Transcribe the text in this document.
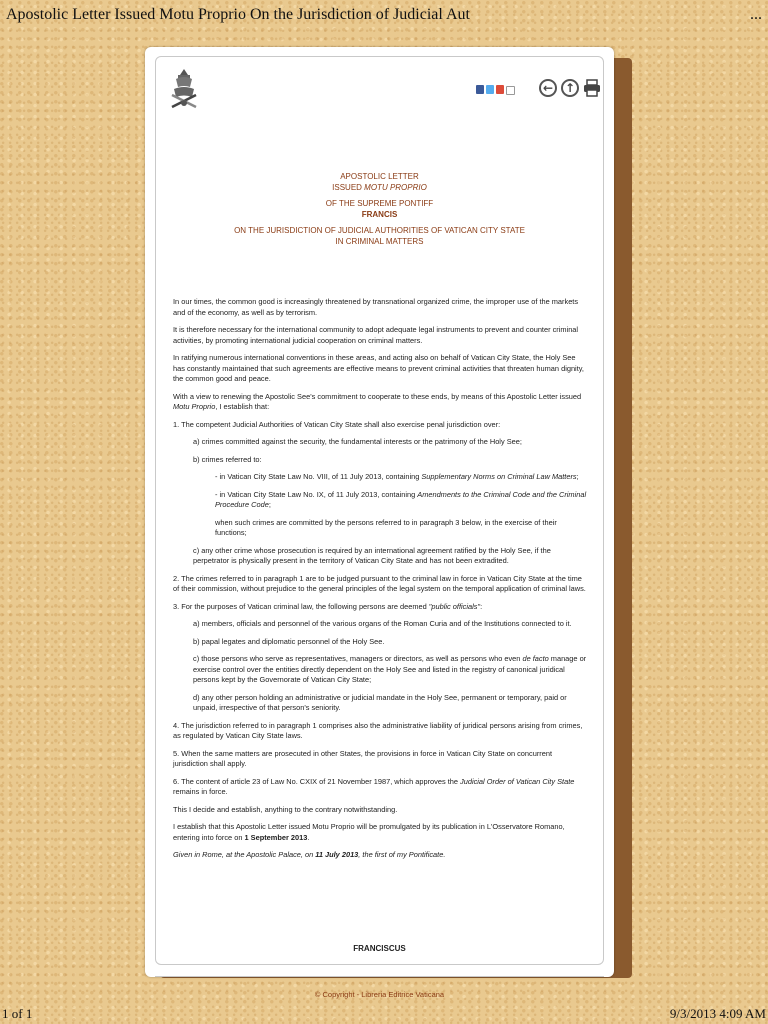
Apostolic Letter Issued Motu Proprio On the Jurisdiction of Judicial Aut	...
← ↑
APOSTOLIC LETTER
ISSUED MOTU PROPRIO
OF THE SUPREME PONTIFF
FRANCIS
ON THE JURISDICTION OF JUDICIAL AUTHORITIES OF VATICAN CITY STATE
IN CRIMINAL MATTERS

In our times, the common good is increasingly threatened by transnational organized crime, the improper use of the markets and of the economy, as well as by terrorism.

It is therefore necessary for the international community to adopt adequate legal instruments to prevent and counter criminal activities, by promoting international judicial cooperation on criminal matters.

In ratifying numerous international conventions in these areas, and acting also on behalf of Vatican City State, the Holy See has constantly maintained that such agreements are effective means to prevent criminal activities that threaten human dignity, the common good and peace.

With a view to renewing the Apostolic See's commitment to cooperate to these ends, by means of this Apostolic Letter issued Motu Proprio, I establish that:

1. The competent Judicial Authorities of Vatican City State shall also exercise penal jurisdiction over:

a) crimes committed against the security, the fundamental interests or the patrimony of the Holy See;

b) crimes referred to:

- in Vatican City State Law No. VIII, of 11 July 2013, containing Supplementary Norms on Criminal Law Matters;

- in Vatican City State Law No. IX, of 11 July 2013, containing Amendments to the Criminal Code and the Criminal Procedure Code;

when such crimes are committed by the persons referred to in paragraph 3 below, in the exercise of their functions;

c) any other crime whose prosecution is required by an international agreement ratified by the Holy See, if the perpetrator is physically present in the territory of Vatican City State and has not been extradited.

2. The crimes referred to in paragraph 1 are to be judged pursuant to the criminal law in force in Vatican City State at the time of their commission, without prejudice to the general principles of the legal system on the temporal application of criminal laws.

3. For the purposes of Vatican criminal law, the following persons are deemed "public officials":

a) members, officials and personnel of the various organs of the Roman Curia and of the Institutions connected to it.

b) papal legates and diplomatic personnel of the Holy See.

c) those persons who serve as representatives, managers or directors, as well as persons who even de facto manage or exercise control over the entities directly dependent on the Holy See and listed in the registry of canonical juridical persons kept by the Governorate of Vatican City State;

d) any other person holding an administrative or judicial mandate in the Holy See, permanent or temporary, paid or unpaid, irrespective of that person's seniority.

4. The jurisdiction referred to in paragraph 1 comprises also the administrative liability of juridical persons arising from crimes, as regulated by Vatican City State laws.

5. When the same matters are prosecuted in other States, the provisions in force in Vatican City State on concurrent jurisdiction shall apply.

6. The content of article 23 of Law No. CXIX of 21 November 1987, which approves the Judicial Order of Vatican City State remains in force.

This I decide and establish, anything to the contrary notwithstanding.

I establish that this Apostolic Letter issued Motu Proprio will be promulgated by its publication in L'Osservatore Romano, entering into force on 1 September 2013.

Given in Rome, at the Apostolic Palace, on 11 July 2013, the first of my Pontificate.

FRANCISCUS
© Copyright - Libreria Editrice Vaticana
1 of 1	9/3/2013 4:09 AM
